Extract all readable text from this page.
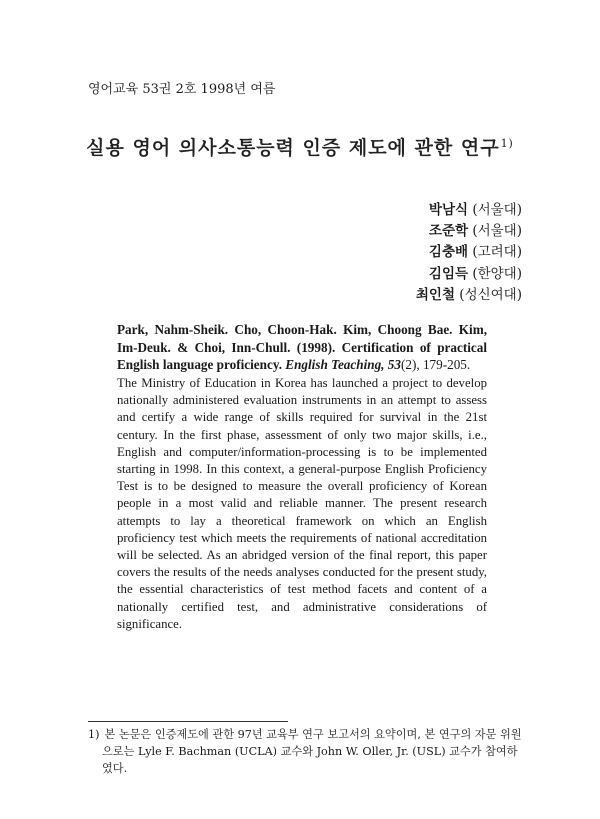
영어교육 53권 2호 1998년 여름
실용 영어 의사소통능력 인증 제도에 관한 연구$^{1)}$
박남식 (서울대)
조준학 (서울대)
김충배 (고려대)
김임득 (한양대)
최인철 (성신여대)
Park, Nahm-Sheik. Cho, Choon-Hak. Kim, Choong Bae. Kim, Im-Deuk. & Choi, Inn-Chull. (1998). Certification of practical English language proficiency. English Teaching, 53(2), 179-205.
The Ministry of Education in Korea has launched a project to develop nationally administered evaluation instruments in an attempt to assess and certify a wide range of skills required for survival in the 21st century. In the first phase, assessment of only two major skills, i.e., English and computer/information-processing is to be implemented starting in 1998. In this context, a general-purpose English Proficiency Test is to be designed to measure the overall proficiency of Korean people in a most valid and reliable manner. The present research attempts to lay a theoretical framework on which an English proficiency test which meets the requirements of national accreditation will be selected. As an abridged version of the final report, this paper covers the results of the needs analyses conducted for the present study, the essential characteristics of test method facets and content of a nationally certified test, and administrative considerations of significance.
1) 본 논문은 인증제도에 관한 97년 교육부 연구 보고서의 요약이며, 본 연구의 자문 위원
으로는 Lyle F. Bachman (UCLA) 교수와 John W. Oller, Jr. (USL) 교수가 참여하였다.
